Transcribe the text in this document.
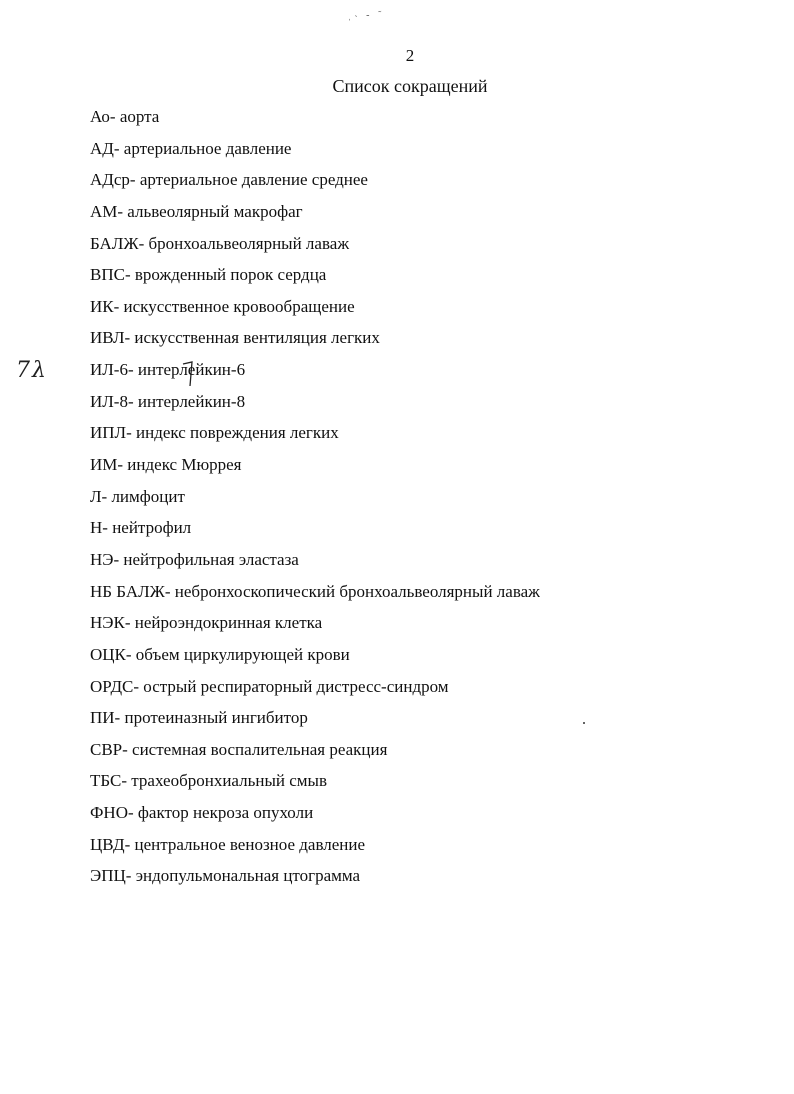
ˌ˴ ‐ ˜
2
Список сокращений
7λ
Ао- аорта
АД- артериальное давление
АДср- артериальное давление среднее
АМ- альвеолярный макрофаг
БАЛЖ- бронхоальвеолярный лаваж
ВПС- врожденный порок сердца
ИК- искусственное кровообращение
ИВЛ- искусственная вентиляция легких
ИЛ-6- интерлейкин-6
ИЛ-8- интерлейкин-8
ИПЛ- индекс повреждения легких
ИМ- индекс Мюррея
Л- лимфоцит
Н- нейтрофил
НЭ- нейтрофильная эластаза
НБ БАЛЖ- небронхоскопический бронхоальвеолярный лаваж
НЭК- нейроэндокринная клетка
ОЦК- объем циркулирующей крови
ОРДС- острый респираторный дистресс-синдром
ПИ- протеиназный ингибитор
СВР- системная воспалительная реакция
ТБС- трахеобронхиальный смыв
ФНО- фактор некроза опухоли
ЦВД- центральное венозное давление
ЭПЦ- эндопульмональная цтограмма
